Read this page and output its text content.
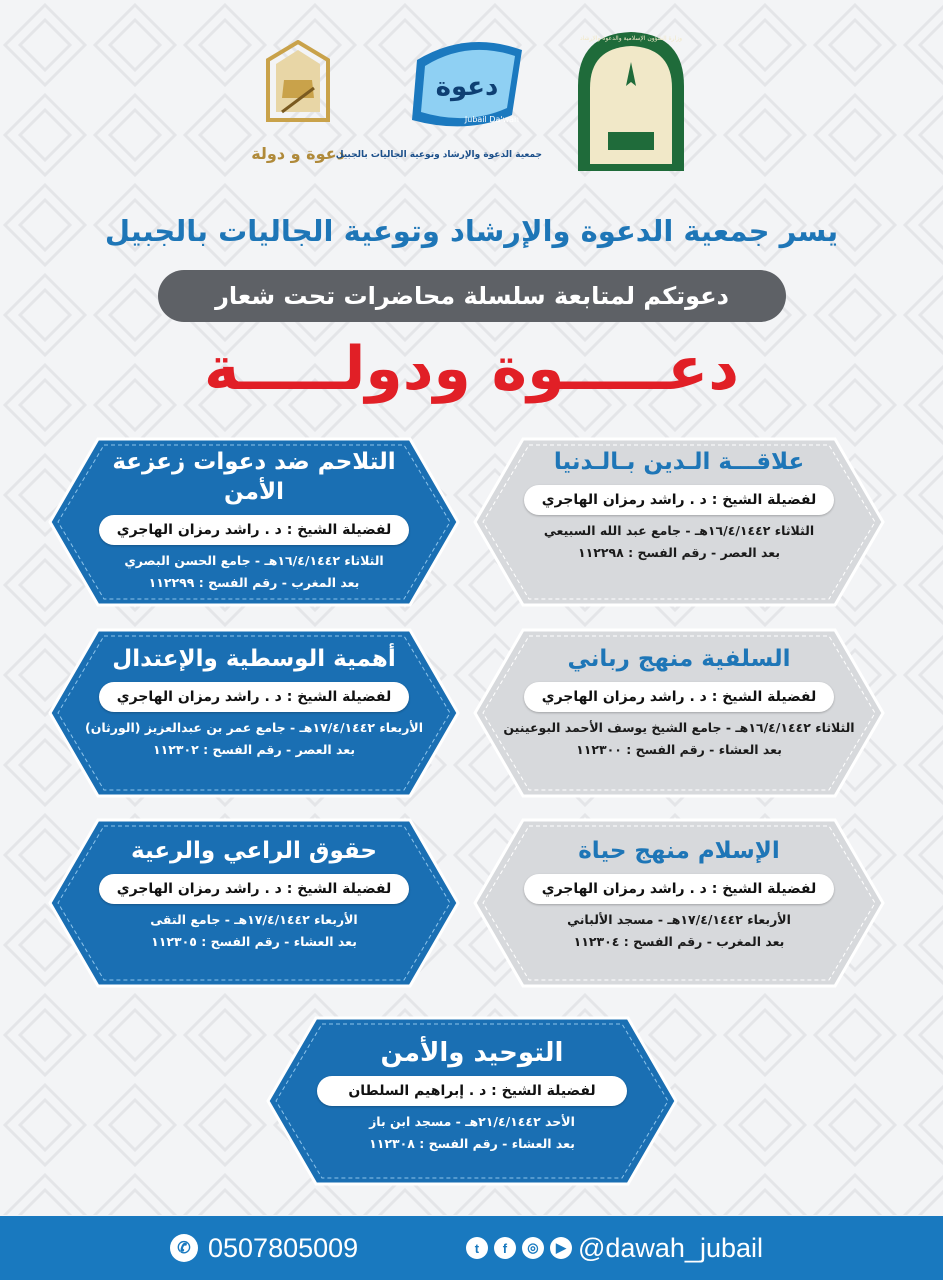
دعوة و دولة
دعوة
Jubail Da'wah
جمعية الدعوة والإرشاد وتوعية الجاليات بالجبيل
وزارة الشؤون الإسلامية والدعوة والإرشاد
يسر جمعية الدعوة والإرشاد وتوعية الجاليات بالجبيل
دعوتكم لمتابعة سلسلة محاضرات تحت شعار
دعـــــوة ودولـــــة
علاقـــة الـدين بـالـدنيا
لفضيلة الشيخ : د . راشد رمزان الهاجري
الثلاثاء ١٦/٤/١٤٤٢هـ - جامع عبد الله السبيعي
بعد العصر - رقم الفسح : ١١٢٢٩٨
التلاحم ضد دعوات زعزعة الأمن
لفضيلة الشيخ : د . راشد رمزان الهاجري
الثلاثاء ١٦/٤/١٤٤٢هـ - جامع الحسن البصري
بعد المغرب - رقم الفسح : ١١٢٢٩٩
السلفية منهج رباني
لفضيلة الشيخ : د . راشد رمزان الهاجري
الثلاثاء ١٦/٤/١٤٤٢هـ - جامع الشيخ يوسف الأحمد البوعينين
بعد العشاء - رقم الفسح : ١١٢٣٠٠
أهمية الوسطية والإعتدال
لفضيلة الشيخ : د . راشد رمزان الهاجري
الأربعاء ١٧/٤/١٤٤٢هـ - جامع عمر بن عبدالعزيز (الورثان)
بعد العصر - رقم الفسح : ١١٢٣٠٢
الإسلام منهج حياة
لفضيلة الشيخ : د . راشد رمزان الهاجري
الأربعاء ١٧/٤/١٤٤٢هـ - مسجد الألباني
بعد المغرب - رقم الفسح : ١١٢٣٠٤
حقوق الراعي والرعية
لفضيلة الشيخ : د . راشد رمزان الهاجري
الأربعاء ١٧/٤/١٤٤٢هـ - جامع التقى
بعد العشاء - رقم الفسح : ١١٢٣٠٥
التوحيد والأمن
لفضيلة الشيخ : د . إبراهيم السلطان
الأحد ٢١/٤/١٤٤٢هـ - مسجد ابن باز
بعد العشاء - رقم الفسح : ١١٢٣٠٨
✆ 0507805009	t	f	◎	▶ @dawah_jubail
